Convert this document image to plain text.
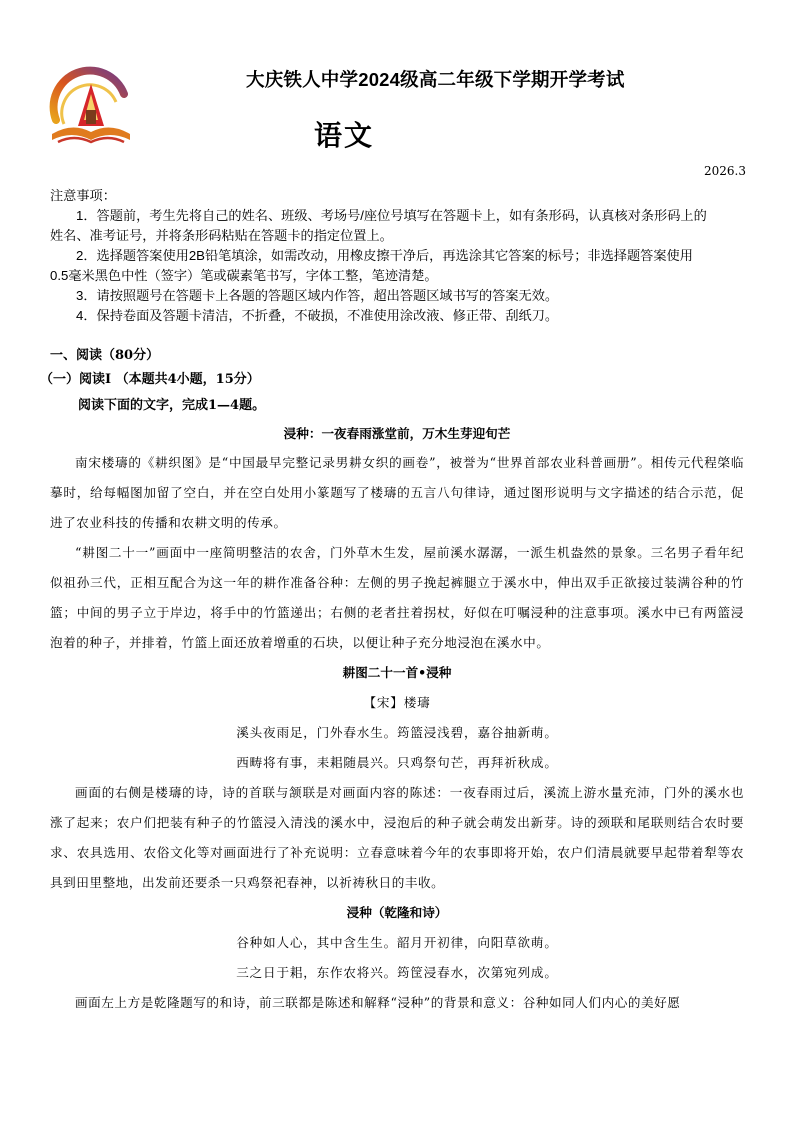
大庆铁人中学2024级高二年级下学期开学考试
语文
2026.3
注意事项：
1．答题前，考生先将自己的姓名、班级、考场号/座位号填写在答题卡上，如有条形码，认真核对条形码上的
姓名、准考证号，并将条形码粘贴在答题卡的指定位置上。
2．选择题答案使用2B铅笔填涂，如需改动，用橡皮擦干净后，再选涂其它答案的标号；非选择题答案使用
0.5毫米黑色中性（签字）笔或碳素笔书写，字体工整，笔迹清楚。
3．请按照题号在答题卡上各题的答题区域内作答，超出答题区域书写的答案无效。
4．保持卷面及答题卡清洁，不折叠，不破损，不准使用涂改液、修正带、刮纸刀。
一、阅读（80分）
（一）阅读Ⅰ （本题共4小题，15分）
阅读下面的文字，完成1—4题。
浸种：一夜春雨涨堂前，万木生芽迎旬芒
南宋楼璹的《耕织图》是“中国最早完整记录男耕女织的画卷”，被誉为“世界首部农业科普画册”。相传元代程棨临摹时，给每幅图加留了空白，并在空白处用小篆题写了楼璹的五言八句律诗，通过图形说明与文字描述的结合示范，促进了农业科技的传播和农耕文明的传承。
“耕图二十一”画面中一座简明整洁的农舍，门外草木生发，屋前溪水潺潺，一派生机盎然的景象。三名男子看年纪似祖孙三代，正相互配合为这一年的耕作准备谷种：左侧的男子挽起裤腿立于溪水中，伸出双手正欲接过装满谷种的竹篮；中间的男子立于岸边，将手中的竹篮递出；右侧的老者拄着拐杖，好似在叮嘱浸种的注意事项。溪水中已有两篮浸泡着的种子，并排着，竹篮上面还放着增重的石块，以便让种子充分地浸泡在溪水中。
耕图二十一首•浸种
【宋】楼璹
溪头夜雨足，门外春水生。筠篮浸浅碧，嘉谷抽新萌。
西畴将有事，耒耜随晨兴。只鸡祭句芒，再拜祈秋成。
画面的右侧是楼璹的诗，诗的首联与颔联是对画面内容的陈述：一夜春雨过后，溪流上游水量充沛，门外的溪水也涨了起来；农户们把装有种子的竹篮浸入清浅的溪水中，浸泡后的种子就会萌发出新芽。诗的颈联和尾联则结合农时要求、农具选用、农俗文化等对画面进行了补充说明：立春意味着今年的农事即将开始，农户们清晨就要早起带着犁等农具到田里整地，出发前还要杀一只鸡祭祀春神，以祈祷秋日的丰收。
浸种（乾隆和诗）
谷种如人心，其中含生生。韶月开初律，向阳草欲萌。
三之日于耜，东作农将兴。筠筐浸春水，次第宛列成。
画面左上方是乾隆题写的和诗，前三联都是陈述和解释“浸种”的背景和意义：谷种如同人们内心的美好愿
